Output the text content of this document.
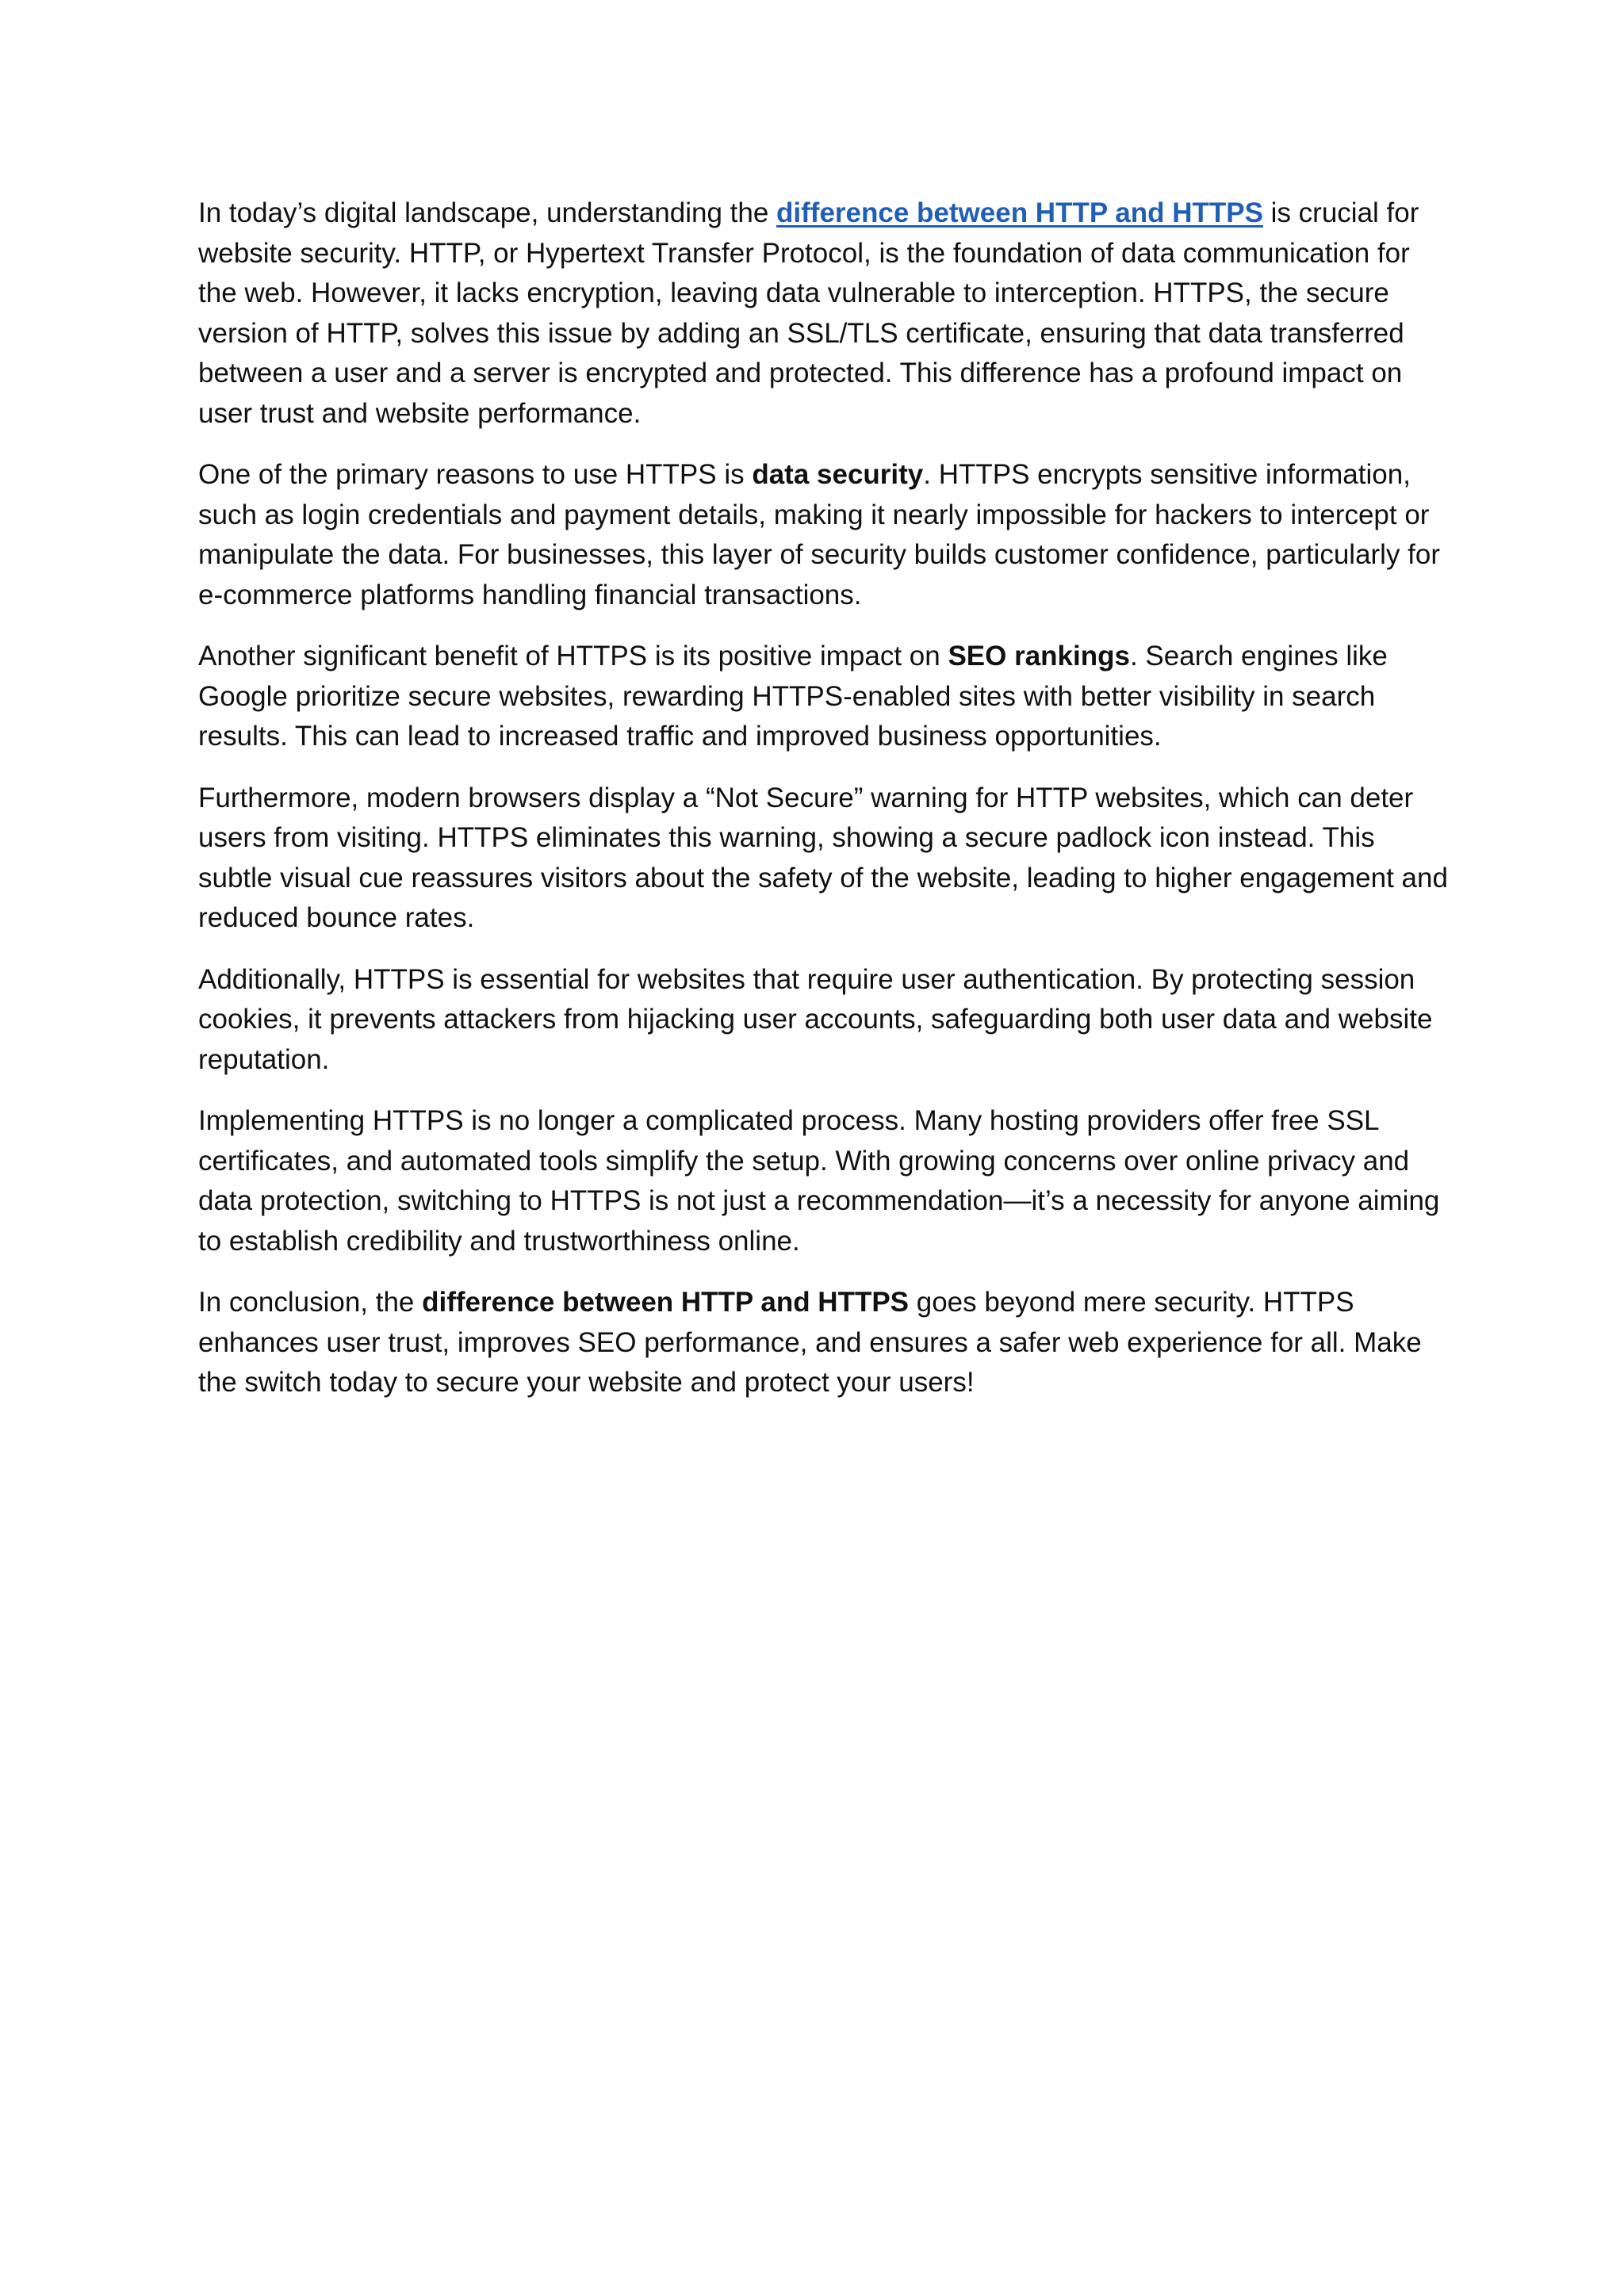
In today’s digital landscape, understanding the difference between HTTP and HTTPS is crucial for website security. HTTP, or Hypertext Transfer Protocol, is the foundation of data communication for the web. However, it lacks encryption, leaving data vulnerable to interception. HTTPS, the secure version of HTTP, solves this issue by adding an SSL/TLS certificate, ensuring that data transferred between a user and a server is encrypted and protected. This difference has a profound impact on user trust and website performance.

One of the primary reasons to use HTTPS is data security. HTTPS encrypts sensitive information, such as login credentials and payment details, making it nearly impossible for hackers to intercept or manipulate the data. For businesses, this layer of security builds customer confidence, particularly for e-commerce platforms handling financial transactions.

Another significant benefit of HTTPS is its positive impact on SEO rankings. Search engines like Google prioritize secure websites, rewarding HTTPS-enabled sites with better visibility in search results. This can lead to increased traffic and improved business opportunities.

Furthermore, modern browsers display a “Not Secure” warning for HTTP websites, which can deter users from visiting. HTTPS eliminates this warning, showing a secure padlock icon instead. This subtle visual cue reassures visitors about the safety of the website, leading to higher engagement and reduced bounce rates.

Additionally, HTTPS is essential for websites that require user authentication. By protecting session cookies, it prevents attackers from hijacking user accounts, safeguarding both user data and website reputation.

Implementing HTTPS is no longer a complicated process. Many hosting providers offer free SSL certificates, and automated tools simplify the setup. With growing concerns over online privacy and data protection, switching to HTTPS is not just a recommendation—it’s a necessity for anyone aiming to establish credibility and trustworthiness online.

In conclusion, the difference between HTTP and HTTPS goes beyond mere security. HTTPS enhances user trust, improves SEO performance, and ensures a safer web experience for all. Make the switch today to secure your website and protect your users!
